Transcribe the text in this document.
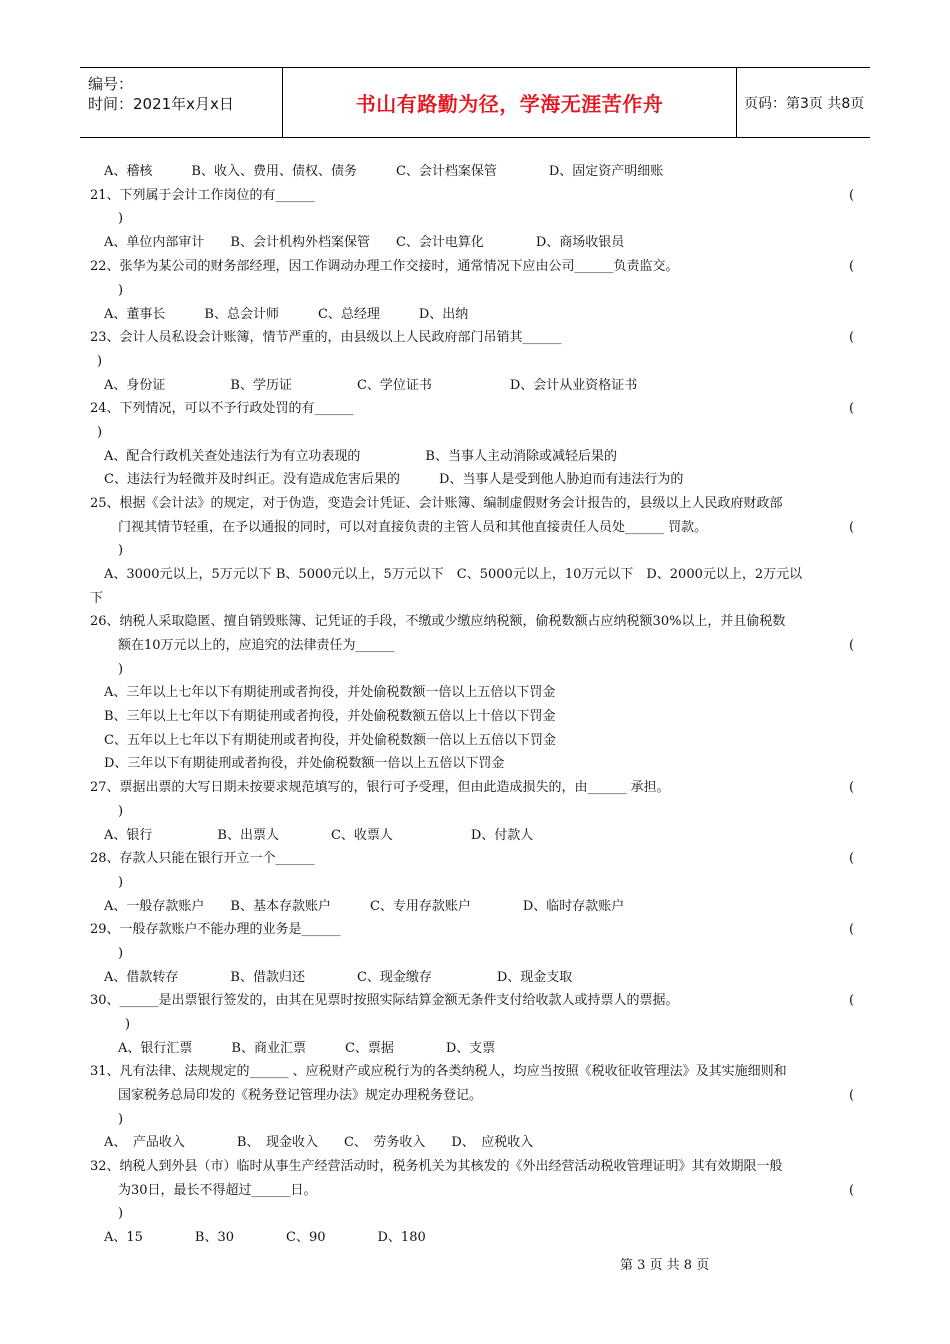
编号：
时间：2021年x月x日	书山有路勤为径，学海无涯苦作舟	页码：第3页 共8页
A、稽核　　　B、收入、费用、债权、债务　　　C、会计档案保管　　　　D、固定资产明细账
21、下列属于会计工作岗位的有______	(
)
A、单位内部审计　　B、会计机构外档案保管　　C、会计电算化　　　　D、商场收银员
22、张华为某公司的财务部经理，因工作调动办理工作交接时，通常情况下应由公司______负责监交。	(
)
A、董事长　　　B、总会计师　　　C、总经理　　　D、出纳
23、会计人员私设会计账簿，情节严重的，由县级以上人民政府部门吊销其______	(
)
A、身份证　　　　　B、学历证　　　　　C、学位证书　　　　　　D、会计从业资格证书
24、下列情况，可以不予行政处罚的有______	(
)
A、配合行政机关查处违法行为有立功表现的　　　　　B、当事人主动消除或减轻后果的
C、违法行为轻微并及时纠正。没有造成危害后果的　　　D、当事人是受到他人胁迫而有违法行为的
25、根据《会计法》的规定，对于伪造，变造会计凭证、会计账簿、编制虚假财务会计报告的，县级以上人民政府财政部
门视其情节轻重，在予以通报的同时，可以对直接负责的主管人员和其他直接责任人员处______ 罚款。	(
)
A、3000元以上，5万元以下 B、5000元以上，5万元以下　C、5000元以上，10万元以下　D、2000元以上，2万元以
下
26、纳税人采取隐匿、擅自销毁账簿、记凭证的手段，不缴或少缴应纳税额，偷税数额占应纳税额30%以上，并且偷税数
额在10万元以上的，应追究的法律责任为______	(
)
A、三年以上七年以下有期徒刑或者拘役，并处偷税数额一倍以上五倍以下罚金
B、三年以上七年以下有期徒刑或者拘役，并处偷税数额五倍以上十倍以下罚金
C、五年以上七年以下有期徒刑或者拘役，并处偷税数额一倍以上五倍以下罚金
D、三年以下有期徒刑或者拘役，并处偷税数额一倍以上五倍以下罚金
27、票据出票的大写日期未按要求规范填写的，银行可予受理，但由此造成损失的，由______ 承担。	(
)
A、银行　　　　　B、出票人　　　　C、收票人　　　　　　D、付款人
28、存款人只能在银行开立一个______	(
)
A、一般存款账户　　B、基本存款账户　　　C、专用存款账户　　　　D、临时存款账户
29、一般存款账户不能办理的业务是______	(
)
A、借款转存　　　　B、借款归还　　　　C、现金缴存　　　　　D、现金支取
30、______是出票银行签发的，由其在见票时按照实际结算金额无条件支付给收款人或持票人的票据。	(
)
A、银行汇票　　　B、商业汇票　　　C、票据　　　　D、支票
31、凡有法律、法规规定的______ 、应税财产或应税行为的各类纳税人，均应当按照《税收征收管理法》及其实施细则和
国家税务总局印发的《税务登记管理办法》规定办理税务登记。	(
)
A、　产品收入　　　　B、　现金收入　　C、　劳务收入　　D、　应税收入
32、纳税人到外县（市）临时从事生产经营活动时，税务机关为其核发的《外出经营活动税收管理证明》其有效期限一般
为30日，最长不得超过______日。	(
)
A、15　　　　B、30　　　　C、90　　　　D、180
第 3 页 共 8 页
